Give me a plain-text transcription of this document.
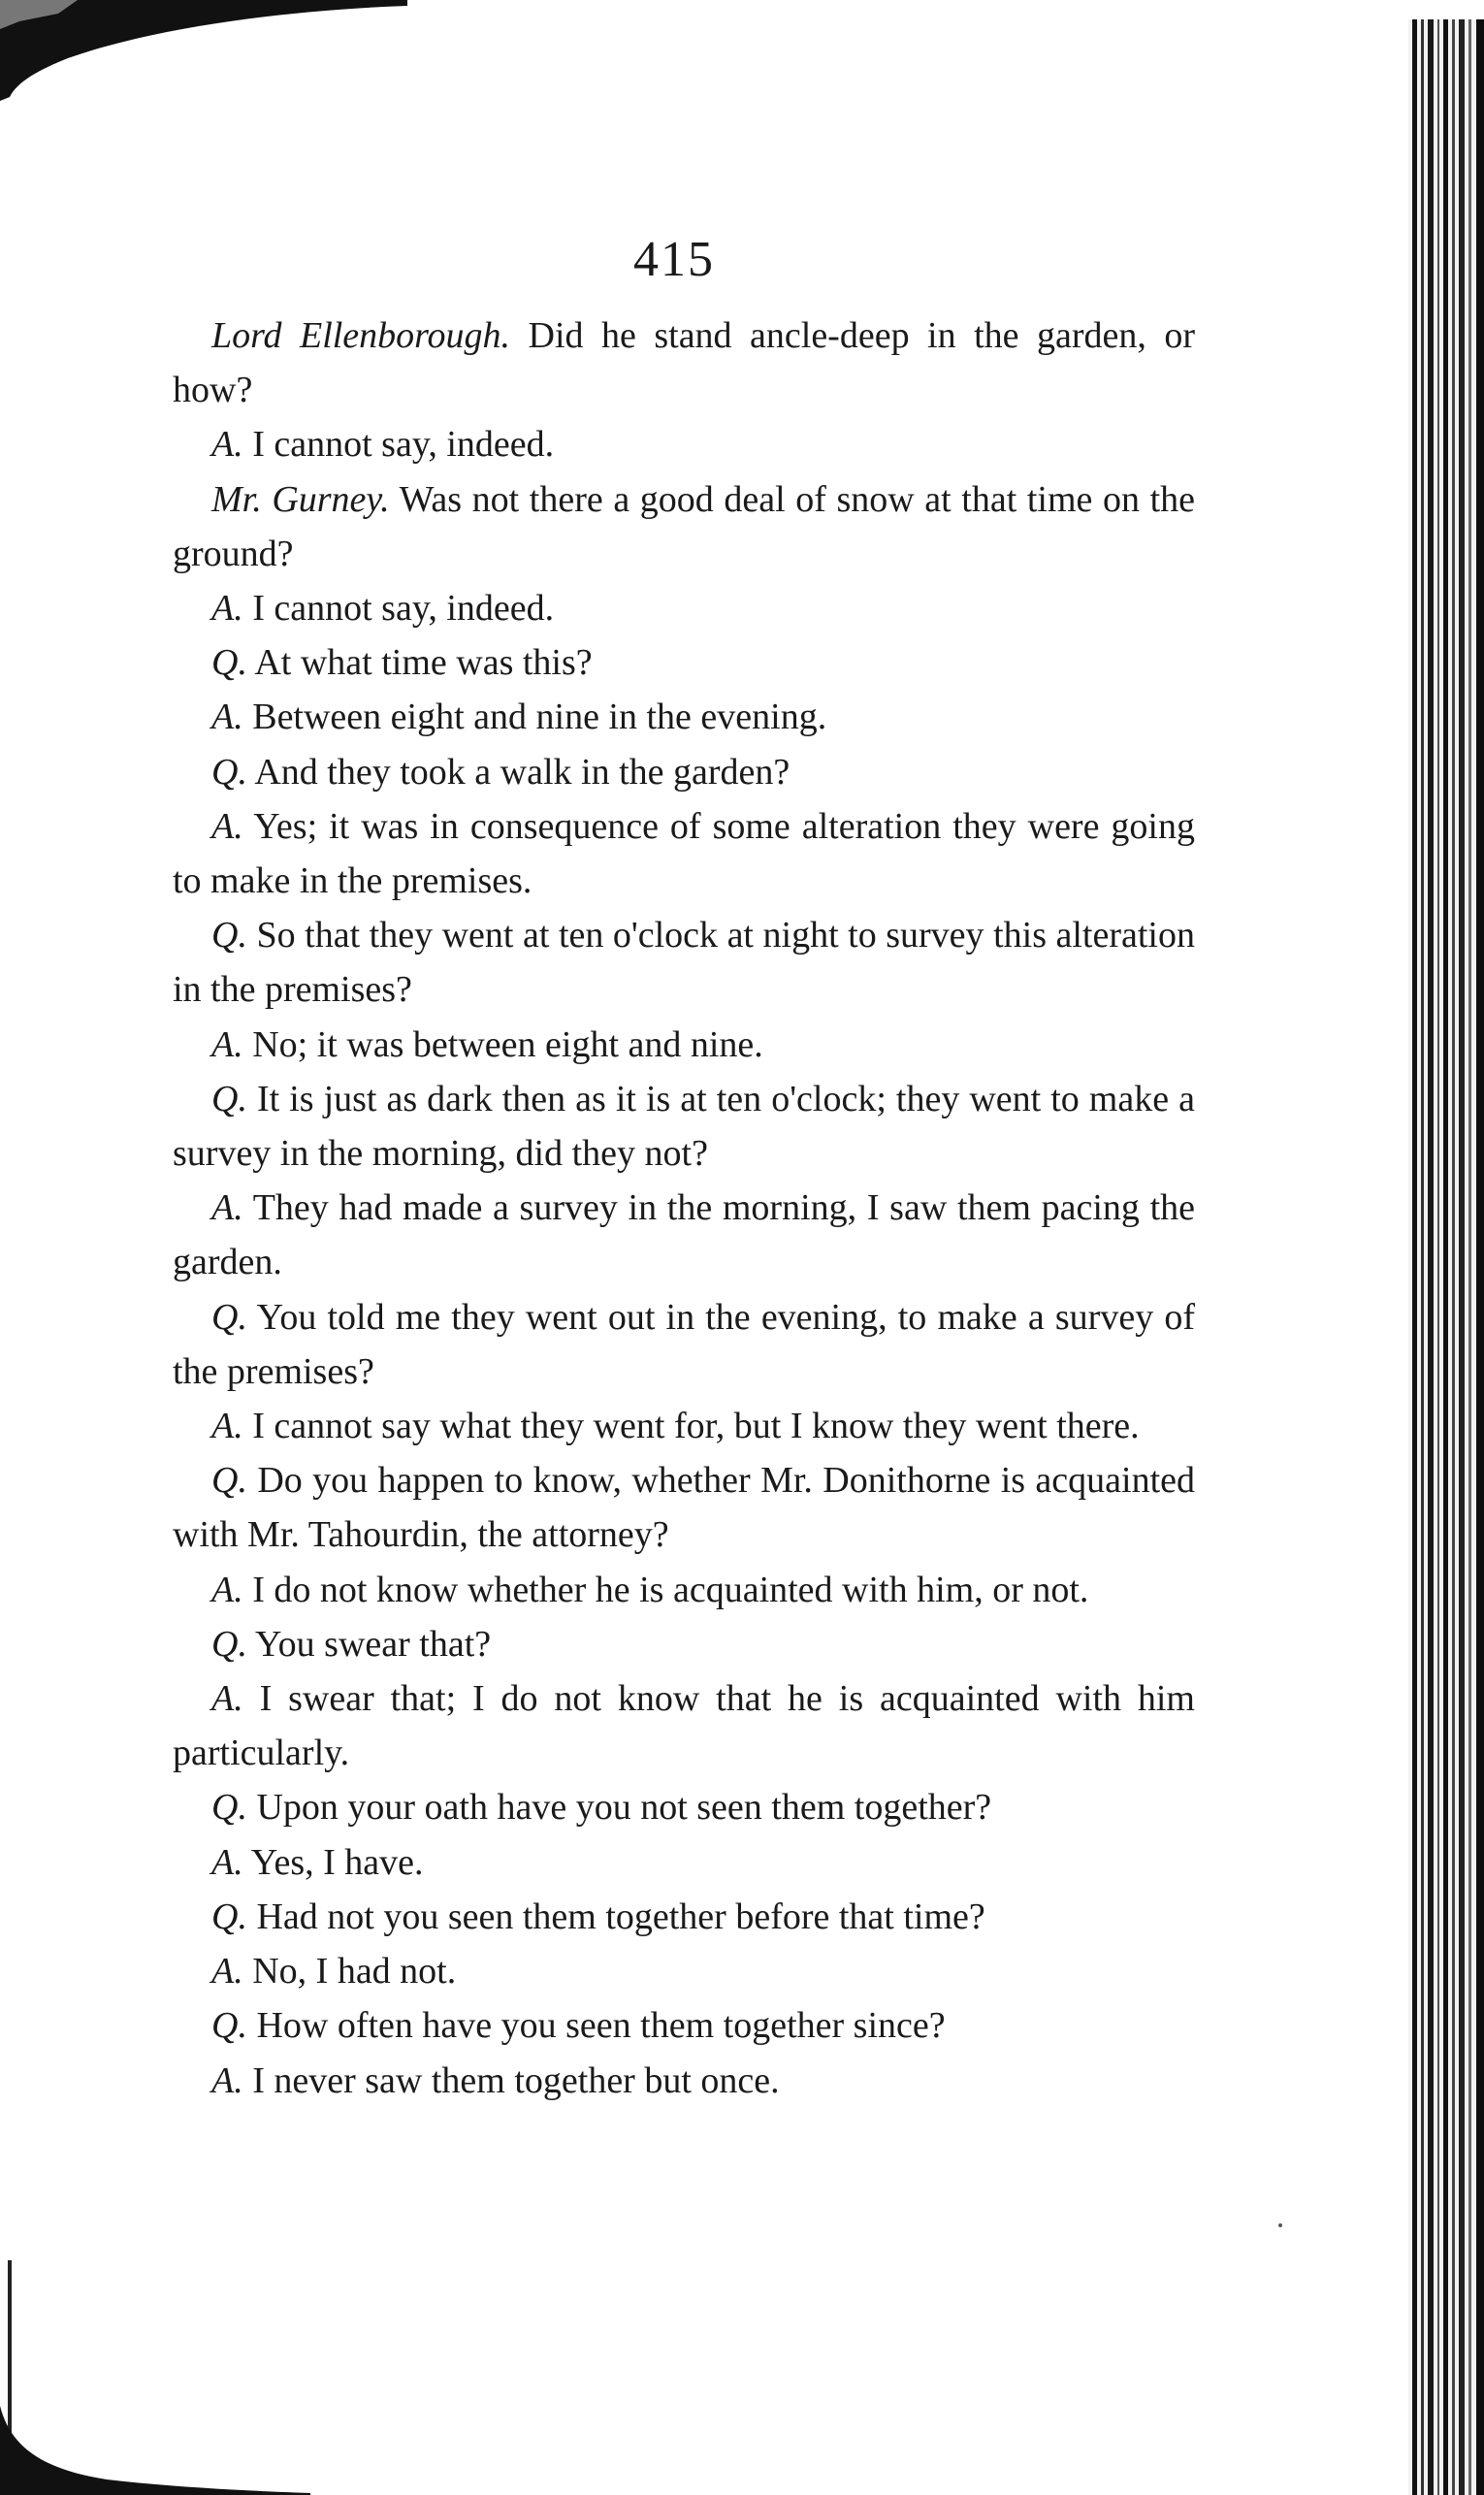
415

Lord Ellenborough. Did he stand ancle-deep in the garden, or how?

A. I cannot say, indeed.

Mr. Gurney. Was not there a good deal of snow at that time on the ground?

A. I cannot say, indeed.

Q. At what time was this?

A. Between eight and nine in the evening.

Q. And they took a walk in the garden?

A. Yes; it was in consequence of some alteration they were going to make in the premises.

Q. So that they went at ten o'clock at night to survey this alteration in the premises?

A. No; it was between eight and nine.

Q. It is just as dark then as it is at ten o'clock; they went to make a survey in the morning, did they not?

A. They had made a survey in the morning, I saw them pacing the garden.

Q. You told me they went out in the evening, to make a survey of the premises?

A. I cannot say what they went for, but I know they went there.

Q. Do you happen to know, whether Mr. Donithorne is acquainted with Mr. Tahourdin, the attorney?

A. I do not know whether he is acquainted with him, or not.

Q. You swear that?

A. I swear that; I do not know that he is acquainted with him particularly.

Q. Upon your oath have you not seen them together?

A. Yes, I have.

Q. Had not you seen them together before that time?

A. No, I had not.

Q. How often have you seen them together since?

A. I never saw them together but once.
